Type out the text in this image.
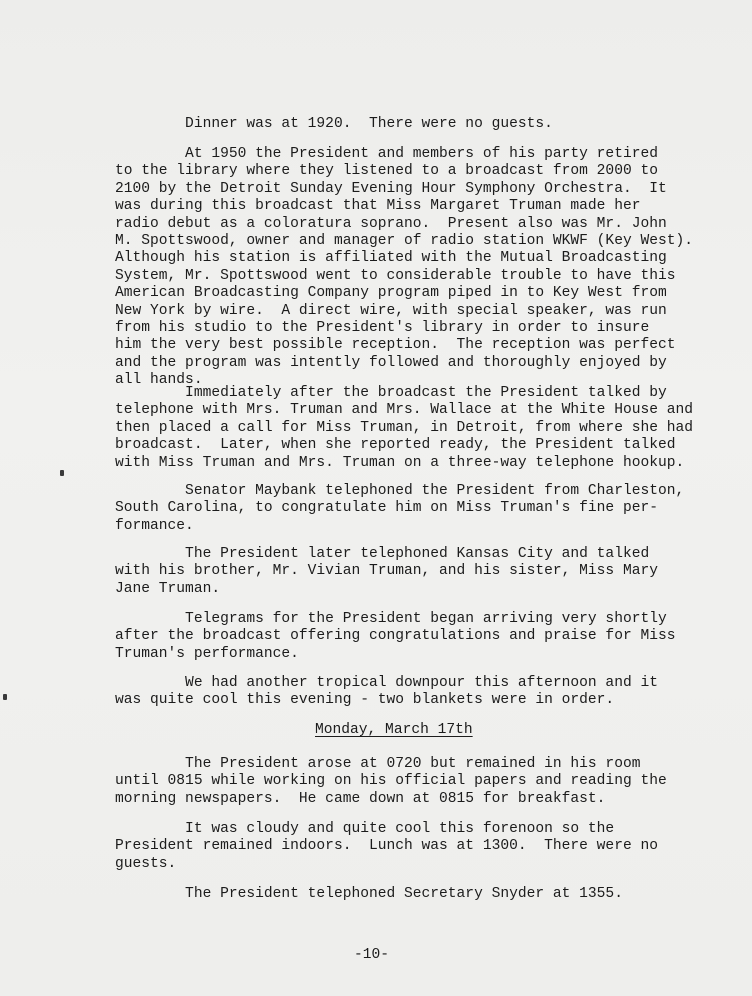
Dinner was at 1920.  There were no guests.
At 1950 the President and members of his party retired
to the library where they listened to a broadcast from 2000 to
2100 by the Detroit Sunday Evening Hour Symphony Orchestra.  It
was during this broadcast that Miss Margaret Truman made her
radio debut as a coloratura soprano.  Present also was Mr. John
M. Spottswood, owner and manager of radio station WKWF (Key West).
Although his station is affiliated with the Mutual Broadcasting
System, Mr. Spottswood went to considerable trouble to have this
American Broadcasting Company program piped in to Key West from
New York by wire.  A direct wire, with special speaker, was run
from his studio to the President's library in order to insure
him the very best possible reception.  The reception was perfect
and the program was intently followed and thoroughly enjoyed by
all hands.
Immediately after the broadcast the President talked by
telephone with Mrs. Truman and Mrs. Wallace at the White House and
then placed a call for Miss Truman, in Detroit, from where she had
broadcast.  Later, when she reported ready, the President talked
with Miss Truman and Mrs. Truman on a three-way telephone hookup.
Senator Maybank telephoned the President from Charleston,
South Carolina, to congratulate him on Miss Truman's fine per-
formance.
The President later telephoned Kansas City and talked
with his brother, Mr. Vivian Truman, and his sister, Miss Mary
Jane Truman.
Telegrams for the President began arriving very shortly
after the broadcast offering congratulations and praise for Miss
Truman's performance.
We had another tropical downpour this afternoon and it
was quite cool this evening - two blankets were in order.
The President arose at 0720 but remained in his room
until 0815 while working on his official papers and reading the
morning newspapers.  He came down at 0815 for breakfast.
It was cloudy and quite cool this forenoon so the
President remained indoors.  Lunch was at 1300.  There were no
guests.
The President telephoned Secretary Snyder at 1355.
Monday, March 17th
-10-
